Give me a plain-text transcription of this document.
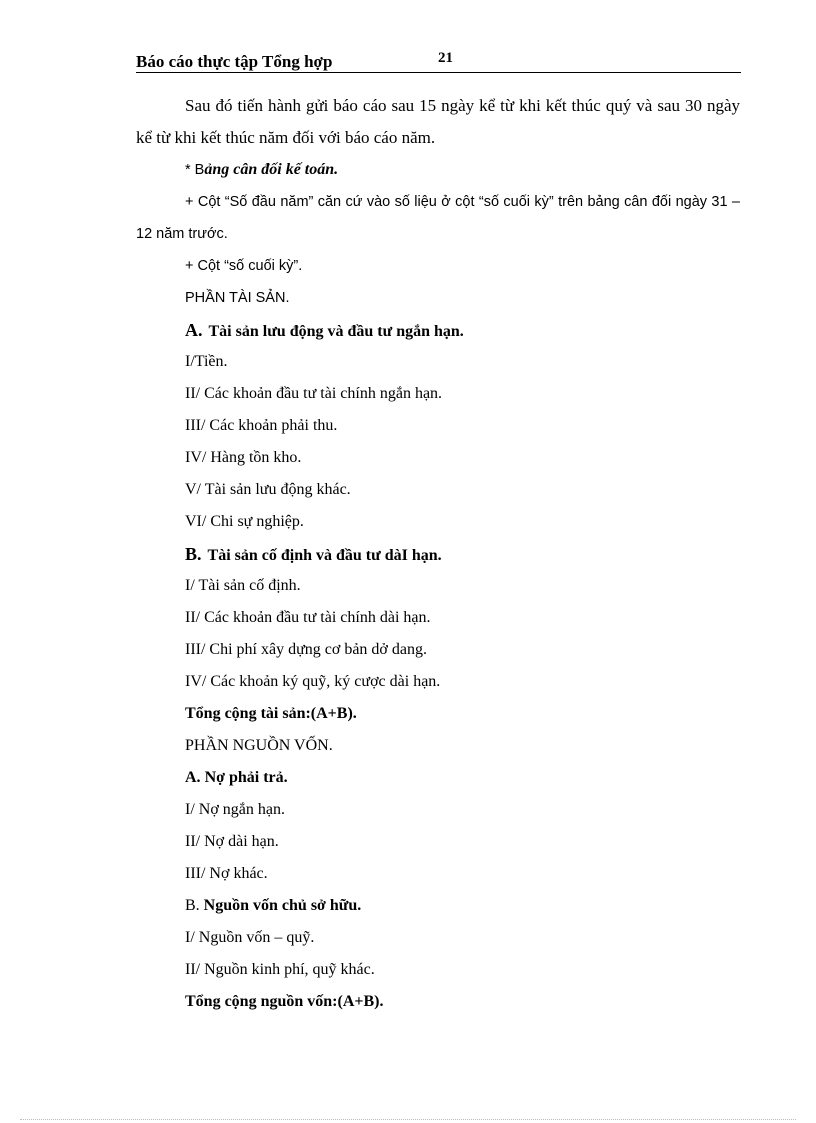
Báo cáo thực tập Tổng hợp	21

Sau đó tiến hành gửi báo cáo sau 15 ngày kể từ khi kết thúc quý và sau 30 ngày kể từ khi kết thúc năm đối với báo cáo năm.

* Bảng cân đối kế toán.

+ Cột “Số đầu năm” căn cứ vào số liệu ở cột “số cuối kỳ” trên bảng cân đối ngày 31 –12 năm trước.

+ Cột “số cuối kỳ”.

PHẦN TÀI SẢN.

A. Tài sản lưu động và đầu tư ngắn hạn.

I/Tiền.

II/ Các khoản đầu tư tài chính ngắn hạn.

III/ Các khoản phải thu.

IV/ Hàng tồn kho.

V/ Tài sản lưu động khác.

VI/ Chi sự nghiệp.

B. Tài sản cố định và đầu tư dàI hạn.

I/ Tài sản cố định.

II/ Các khoản đầu tư tài chính dài hạn.

III/ Chi phí xây dựng cơ bản dở dang.

IV/ Các khoản ký quỹ, ký cược dài hạn.

Tổng cộng tài sản:(A+B).

PHẦN NGUỒN VỐN.

A. Nợ phải trả.

I/ Nợ ngắn hạn.

II/ Nợ dài hạn.

III/ Nợ khác.

B. Nguồn vốn chủ sở hữu.

I/ Nguồn vốn – quỹ.

II/ Nguồn kinh phí, quỹ khác.

Tổng cộng nguồn vốn:(A+B).
